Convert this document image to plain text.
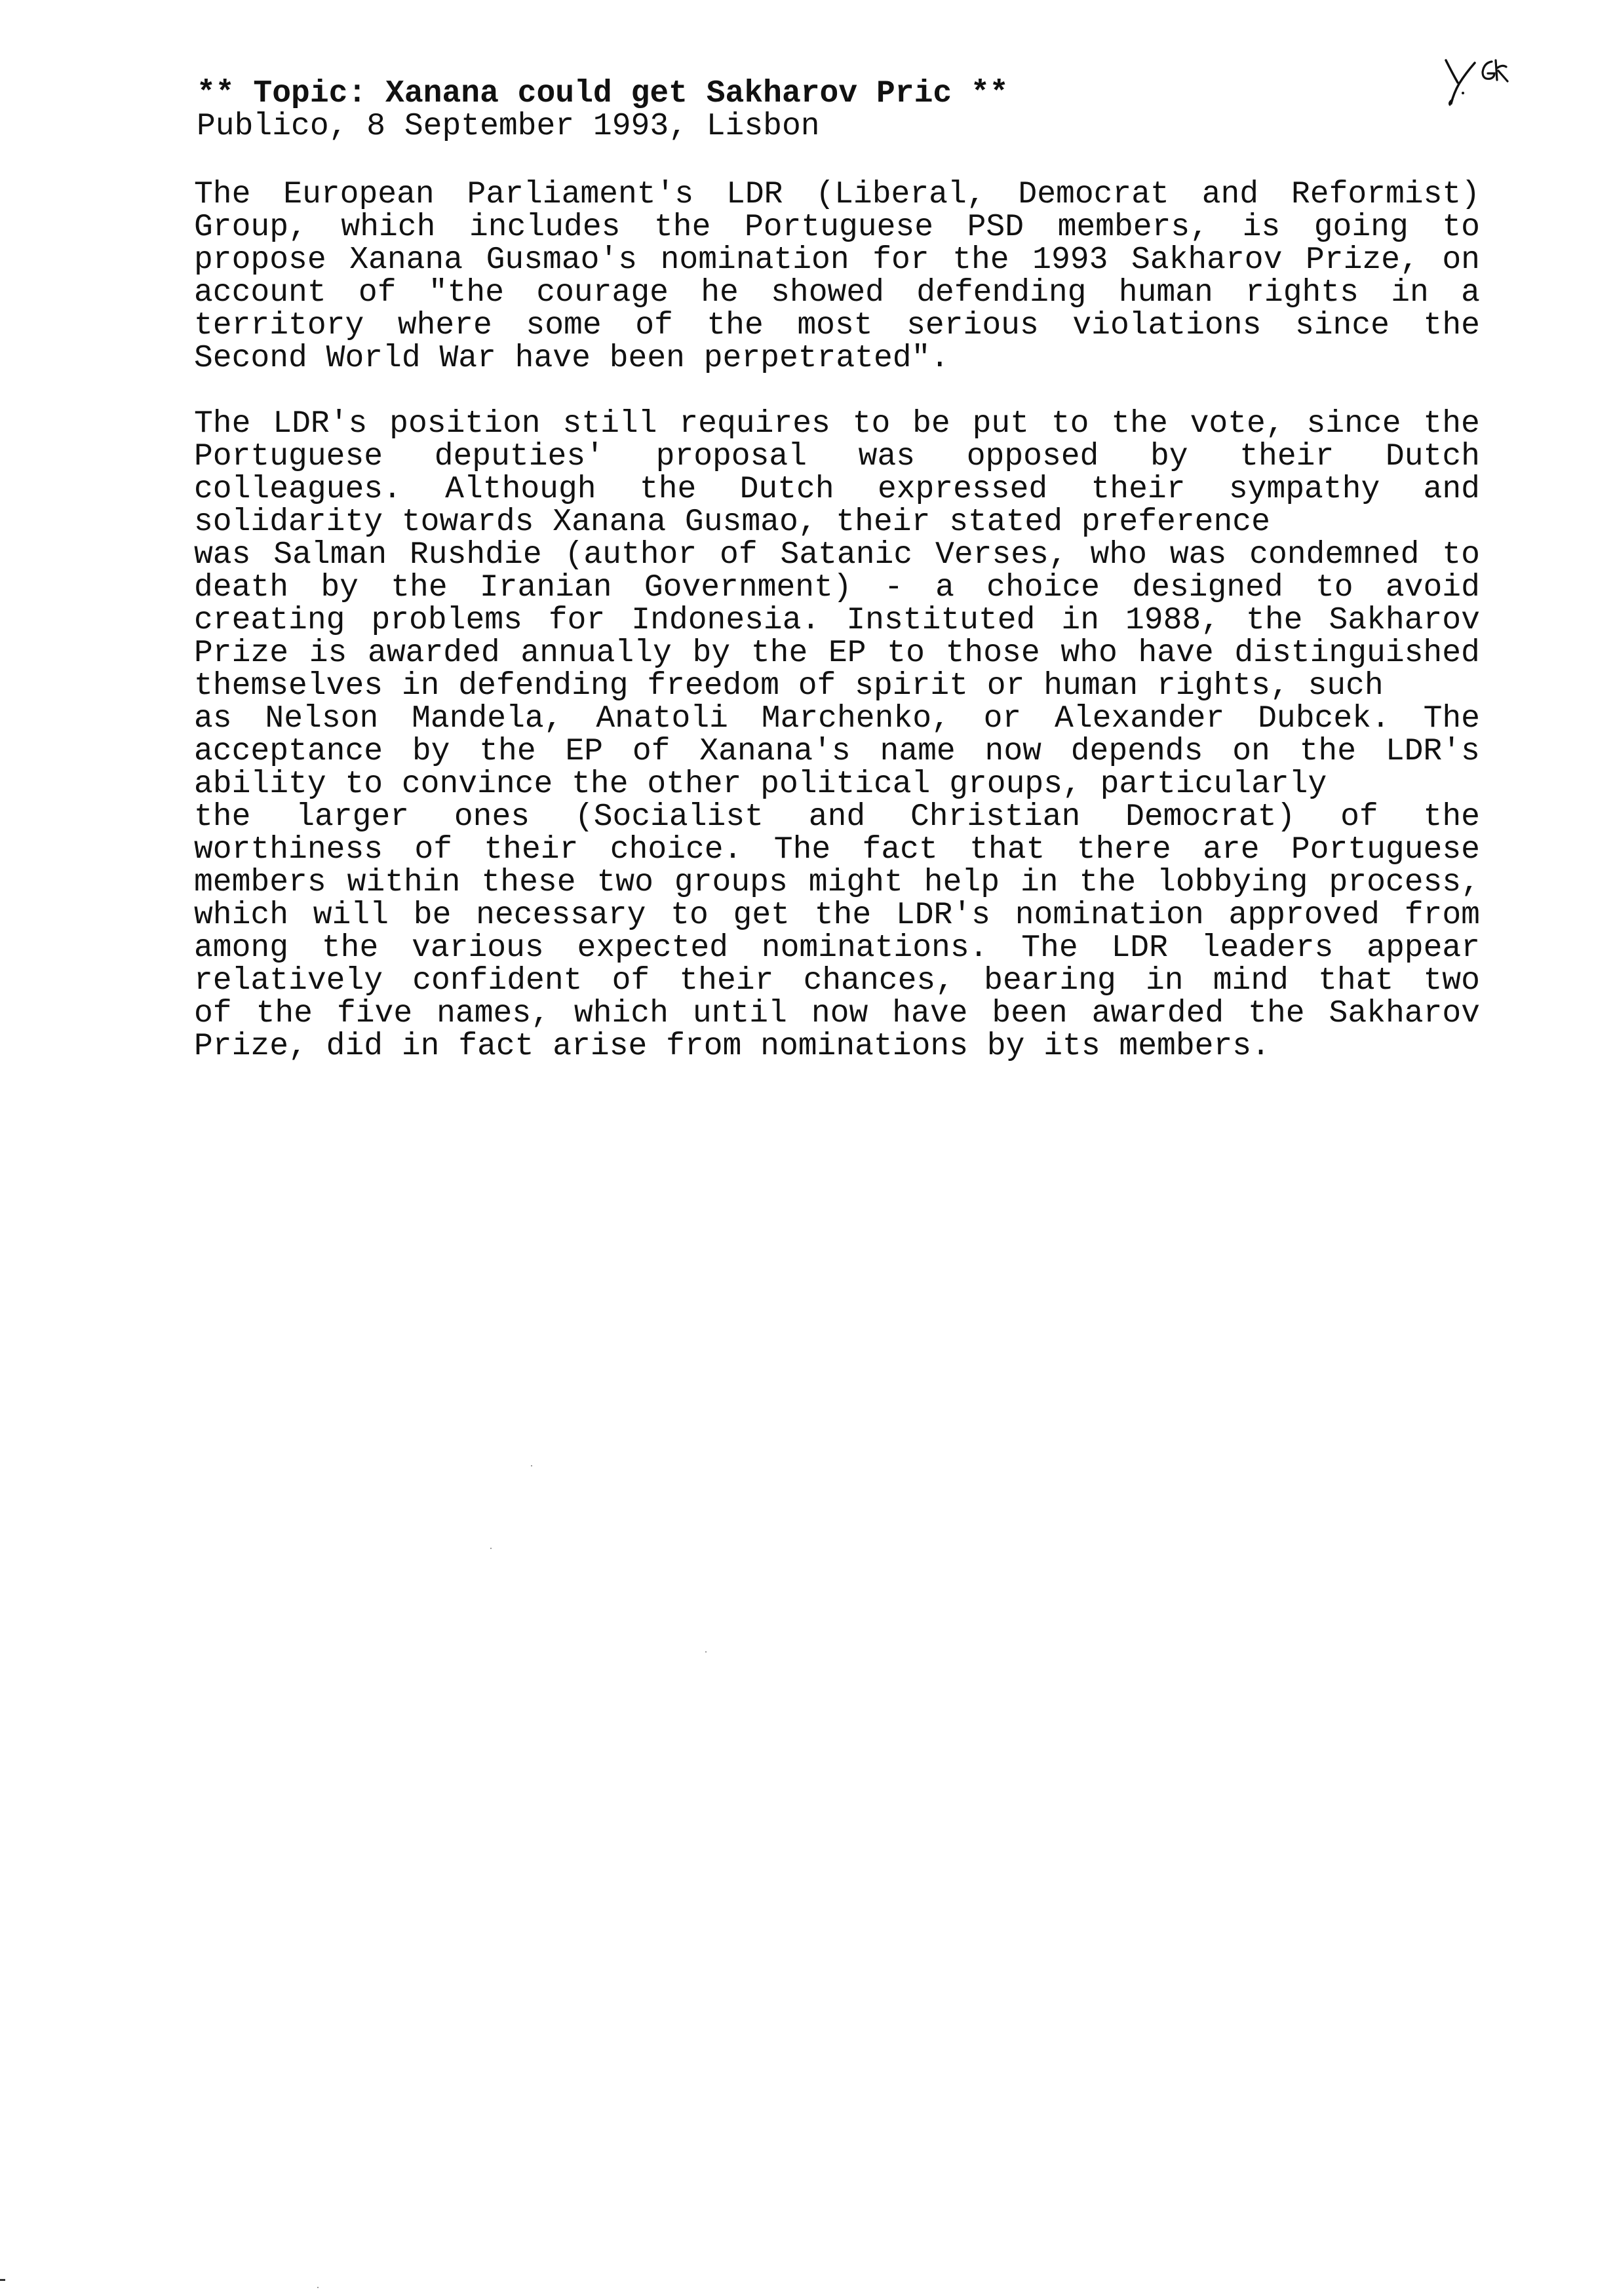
** Topic: Xanana could get Sakharov Pric **
Publico, 8 September 1993, Lisbon
The European Parliament's LDR (Liberal, Democrat and Reformist)
Group, which includes the Portuguese PSD members, is going to
propose Xanana Gusmao's nomination for the 1993 Sakharov Prize, on
account of "the courage he showed defending human rights in a
territory where some of the most serious violations since the
Second World War have been perpetrated".
The LDR's position still requires to be put to the vote, since the
Portuguese deputies' proposal was opposed by their Dutch
colleagues. Although the Dutch expressed their sympathy and
solidarity towards Xanana Gusmao, their stated preference
was Salman Rushdie (author of Satanic Verses, who was condemned to
death by the Iranian Government) - a choice designed to avoid
creating problems for Indonesia. Instituted in 1988, the Sakharov
Prize is awarded annually by the EP to those who have distinguished
themselves in defending freedom of spirit or human rights, such
as Nelson Mandela, Anatoli Marchenko, or Alexander Dubcek. The
acceptance by the EP of Xanana's name now depends on the LDR's
ability to convince the other political groups, particularly
the larger ones (Socialist and Christian Democrat) of the
worthiness of their choice. The fact that there are Portuguese
members within these two groups might help in the lobbying process,
which will be necessary to get the LDR's nomination approved from
among the various expected nominations. The LDR leaders appear
relatively confident of their chances, bearing in mind that two
of the five names, which until now have been awarded the Sakharov
Prize, did in fact arise from nominations by its members.
